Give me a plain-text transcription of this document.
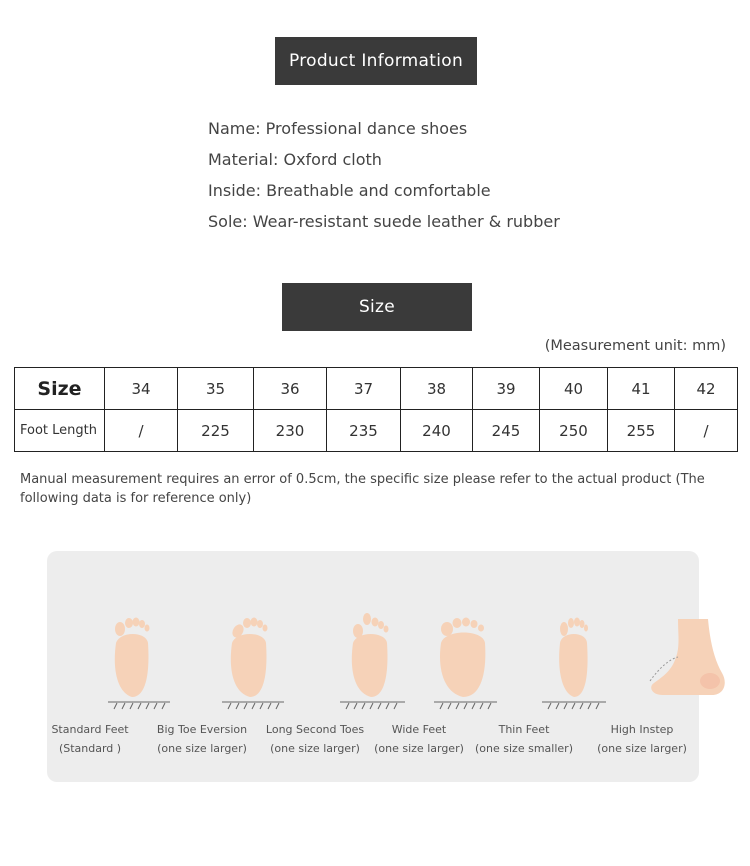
Product Information
Name: Professional dance shoes
Material: Oxford cloth
Inside: Breathable and comfortable
Sole: Wear-resistant suede leather & rubber
Size
(Measurement unit: mm)
Size	34	35	36	37	38	39	40	41	42
Foot Length	/	225	230	235	240	245	250	255	/
Manual measurement requires an error of 0.5cm, the specific size please refer to the actual product (The following data is for reference only)
Standard Feet
(Standard )
Big Toe Eversion
(one size larger)
Long Second Toes
(one size larger)
Wide Feet
(one size larger)
Thin Feet
(one size smaller)
High Instep
(one size larger)
